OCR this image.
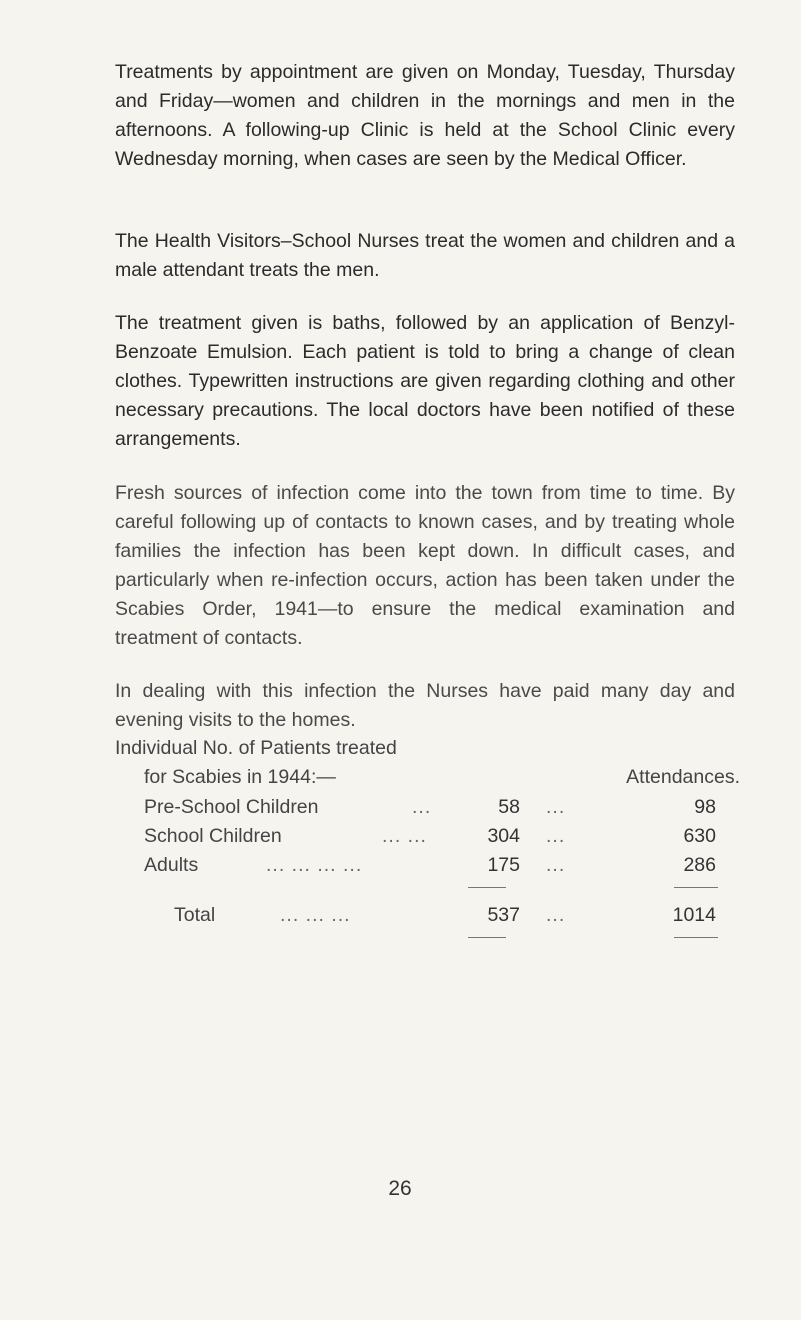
Treatments by appointment are given on Monday, Tuesday, Thursday and Friday—women and children in the mornings and men in the afternoons. A following-up Clinic is held at the School Clinic every Wednesday morning, when cases are seen by the Medical Officer.

The Health Visitors–School Nurses treat the women and children and a male attendant treats the men.

The treatment given is baths, followed by an application of Benzyl-Benzoate Emulsion. Each patient is told to bring a change of clean clothes. Typewritten instructions are given regarding clothing and other necessary precautions. The local doctors have been notified of these arrangements.

Fresh sources of infection come into the town from time to time. By careful following up of contacts to known cases, and by treating whole families the infection has been kept down. In difficult cases, and particularly when re-infection occurs, action has been taken under the Scabies Order, 1941—to ensure the medical examination and treatment of contacts.

In dealing with this infection the Nurses have paid many day and evening visits to the homes.

Individual No. of Patients treated
for Scabies in 1944:—	Attendances.
Pre-School Children	...	58 ...	98
School Children	... ...	304 ...	630
Adults	... ... ... ...	175 ...	286
Total	... ... ...	537 ...	1014
26
